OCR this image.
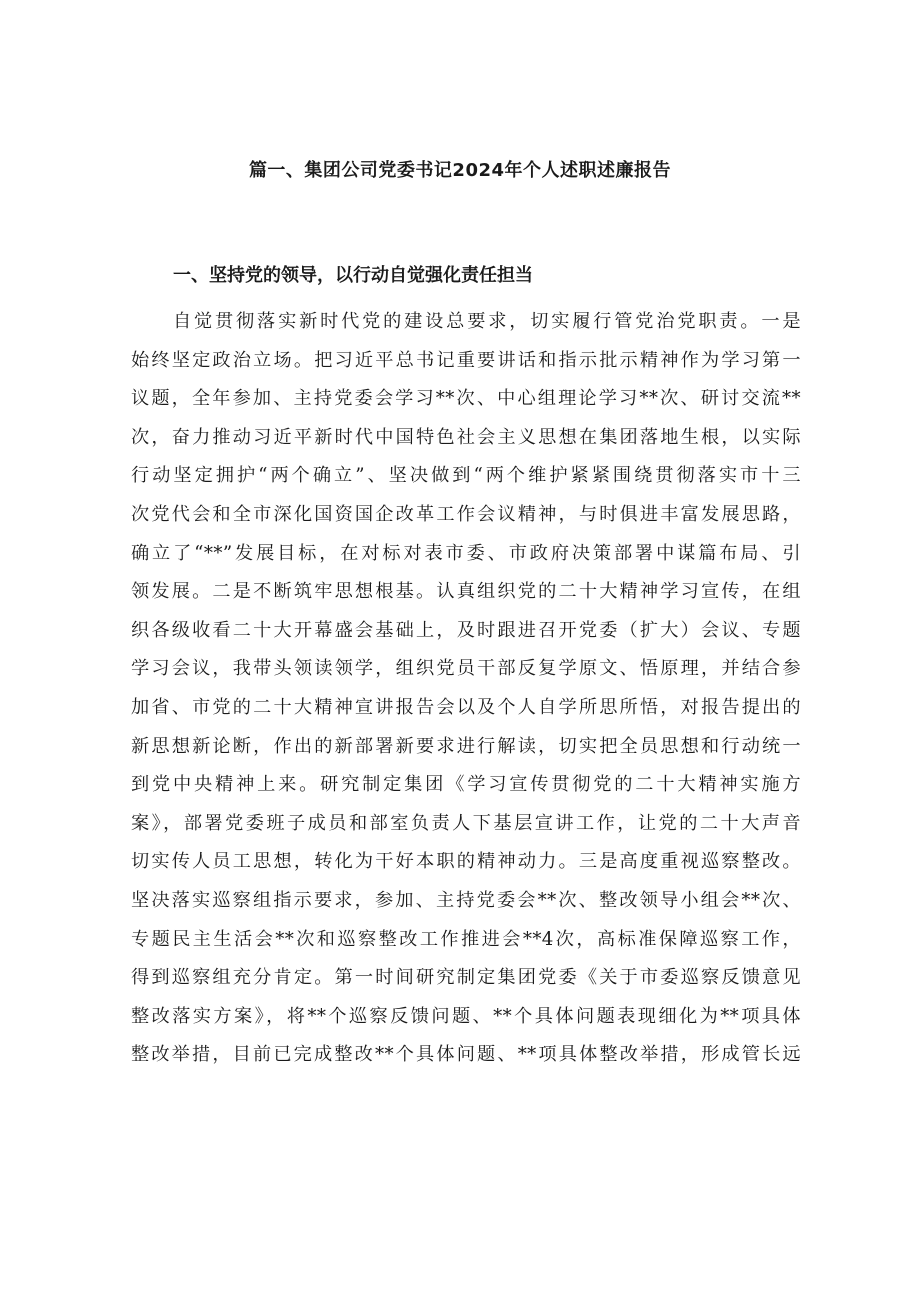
篇一、集团公司党委书记2024年个人述职述廉报告
一、坚持党的领导，以行动自觉强化责任担当
自觉贯彻落实新时代党的建设总要求，切实履行管党治党职责。一是
始终坚定政治立场。把习近平总书记重要讲话和指示批示精神作为学习第一
议题，全年参加、主持党委会学习**次、中心组理论学习**次、研讨交流**
次，奋力推动习近平新时代中国特色社会主义思想在集团落地生根，以实际
行动坚定拥护“两个确立”、坚决做到“两个维护紧紧围绕贯彻落实市十三
次党代会和全市深化国资国企改革工作会议精神，与时俱进丰富发展思路，
确立了“**”发展目标，在对标对表市委、市政府决策部署中谋篇布局、引
领发展。二是不断筑牢思想根基。认真组织党的二十大精神学习宣传，在组
织各级收看二十大开幕盛会基础上，及时跟进召开党委（扩大）会议、专题
学习会议，我带头领读领学，组织党员干部反复学原文、悟原理，并结合参
加省、市党的二十大精神宣讲报告会以及个人自学所思所悟，对报告提出的
新思想新论断，作出的新部署新要求进行解读，切实把全员思想和行动统一
到党中央精神上来。研究制定集团《学习宣传贯彻党的二十大精神实施方
案》，部署党委班子成员和部室负责人下基层宣讲工作，让党的二十大声音
切实传人员工思想，转化为干好本职的精神动力。三是高度重视巡察整改。
坚决落实巡察组指示要求，参加、主持党委会**次、整改领导小组会**次、
专题民主生活会**次和巡察整改工作推进会**4次，高标准保障巡察工作，
得到巡察组充分肯定。第一时间研究制定集团党委《关于市委巡察反馈意见
整改落实方案》，将**个巡察反馈问题、**个具体问题表现细化为**项具体
整改举措，目前已完成整改**个具体问题、**项具体整改举措，形成管长远
